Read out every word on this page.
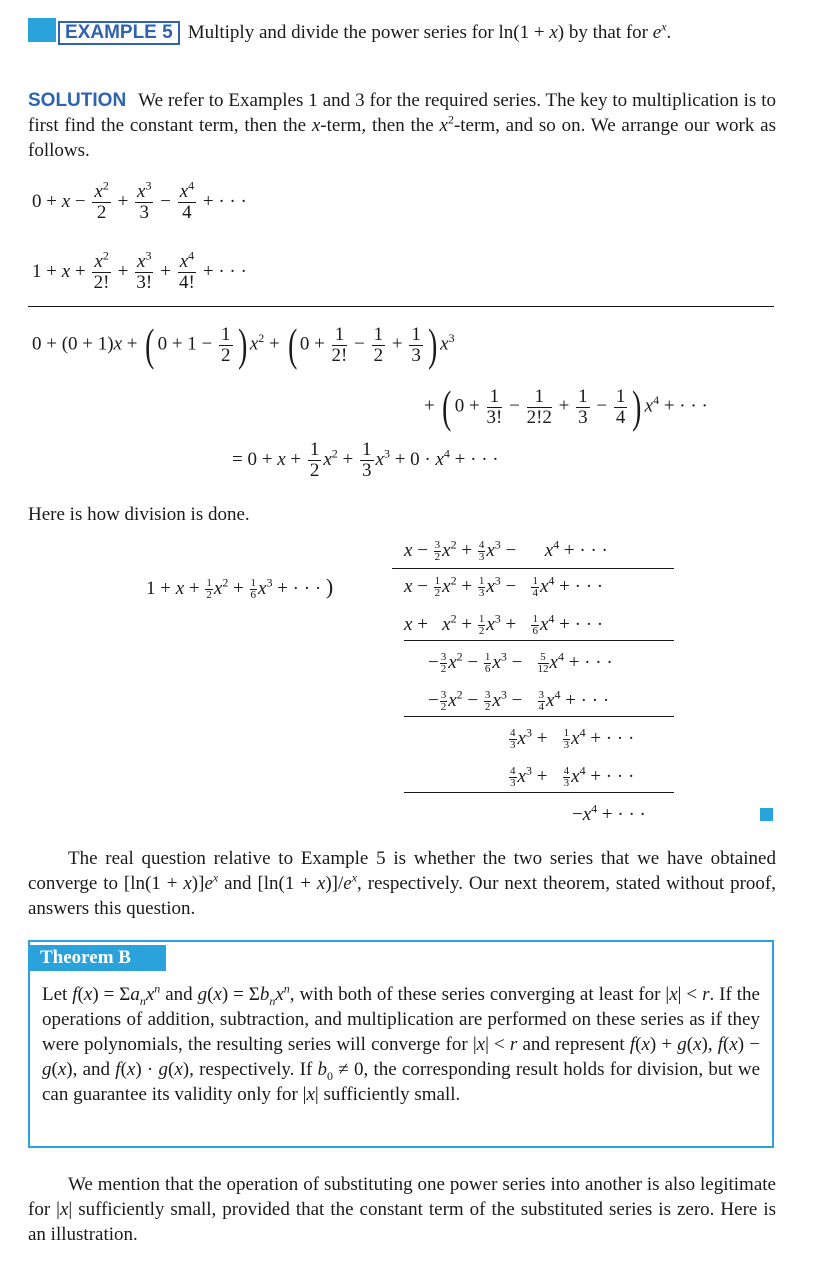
EXAMPLE 5 Multiply and divide the power series for ln(1 + x) by that for $e^x$.
SOLUTION We refer to Examples 1 and 3 for the required series. The key to multiplication is to first find the constant term, then the x-term, then the $x^2$-term, and so on. We arrange our work as follows.
$0 + x - \frac{x^2}{2} + \frac{x^3}{3} - \frac{x^4}{4}$ + · · ·
$1 + x + \frac{x^2}{2!} + \frac{x^3}{3!} + \frac{x^4}{4!}$ + · · ·
0 + (0 + 1)x + ( $0 + 1 - \frac{1}{2}$ ) $x^2$ + ( $0 + \frac{1}{2!} - \frac{1}{2} + \frac{1}{3}$ ) $x^3$
+ ( $0 + \frac{1}{3!} - \frac{1}{2!2} + \frac{1}{3} - \frac{1}{4}$ ) $x^4$ + · · ·
= $0 + x + \frac{1}{2} x^2 + \frac{1}{3} x^3 + 0 \cdot x^4$ + · · ·
Here is how division is done.
$x - \frac{3}{2} x^2 + \frac{4}{3} x^3$ −      $x^4$ + · · ·
$1 + x + \frac{1}{2} x^2 + \frac{1}{6} x^3$ + · · · )	$x - \frac{1}{2} x^2 + \frac{1}{3} x^3 - \frac{1}{4} x^4$ + · · ·
$x + x^2 + \frac{1}{2} x^3 + \frac{1}{6} x^4$ + · · ·
− $\frac{3}{2} x^2 - \frac{1}{6} x^3 - \frac{5}{12} x^4$ + · · ·
− $\frac{3}{2} x^2 - \frac{3}{2} x^3 - \frac{3}{4} x^4$ + · · ·
$\frac{4}{3} x^3 + \frac{1}{3} x^4$ + · · ·
$\frac{4}{3} x^3 + \frac{4}{3} x^4$ + · · ·
$-x^4$ + · · ·
The real question relative to Example 5 is whether the two series that we have obtained converge to $[\ln(1 + x)]e^x$ and $[\ln(1 + x)]/e^x$, respectively. Our next theorem, stated without proof, answers this question.
Theorem B
Let $f(x) = \Sigma a_nx^n$ and $g(x) = \Sigma b_nx^n$, with both of these series converging at least for |x| < r. If the operations of addition, subtraction, and multiplication are performed on these series as if they were polynomials, the resulting series will converge for |x| < r and represent f(x) + g(x), f(x) − g(x), and f(x) · g(x), respectively. If $b_0 \ne 0$, the corresponding result holds for division, but we can guarantee its validity only for |x| sufficiently small.
We mention that the operation of substituting one power series into another is also legitimate for |x| sufficiently small, provided that the constant term of the substituted series is zero. Here is an illustration.
